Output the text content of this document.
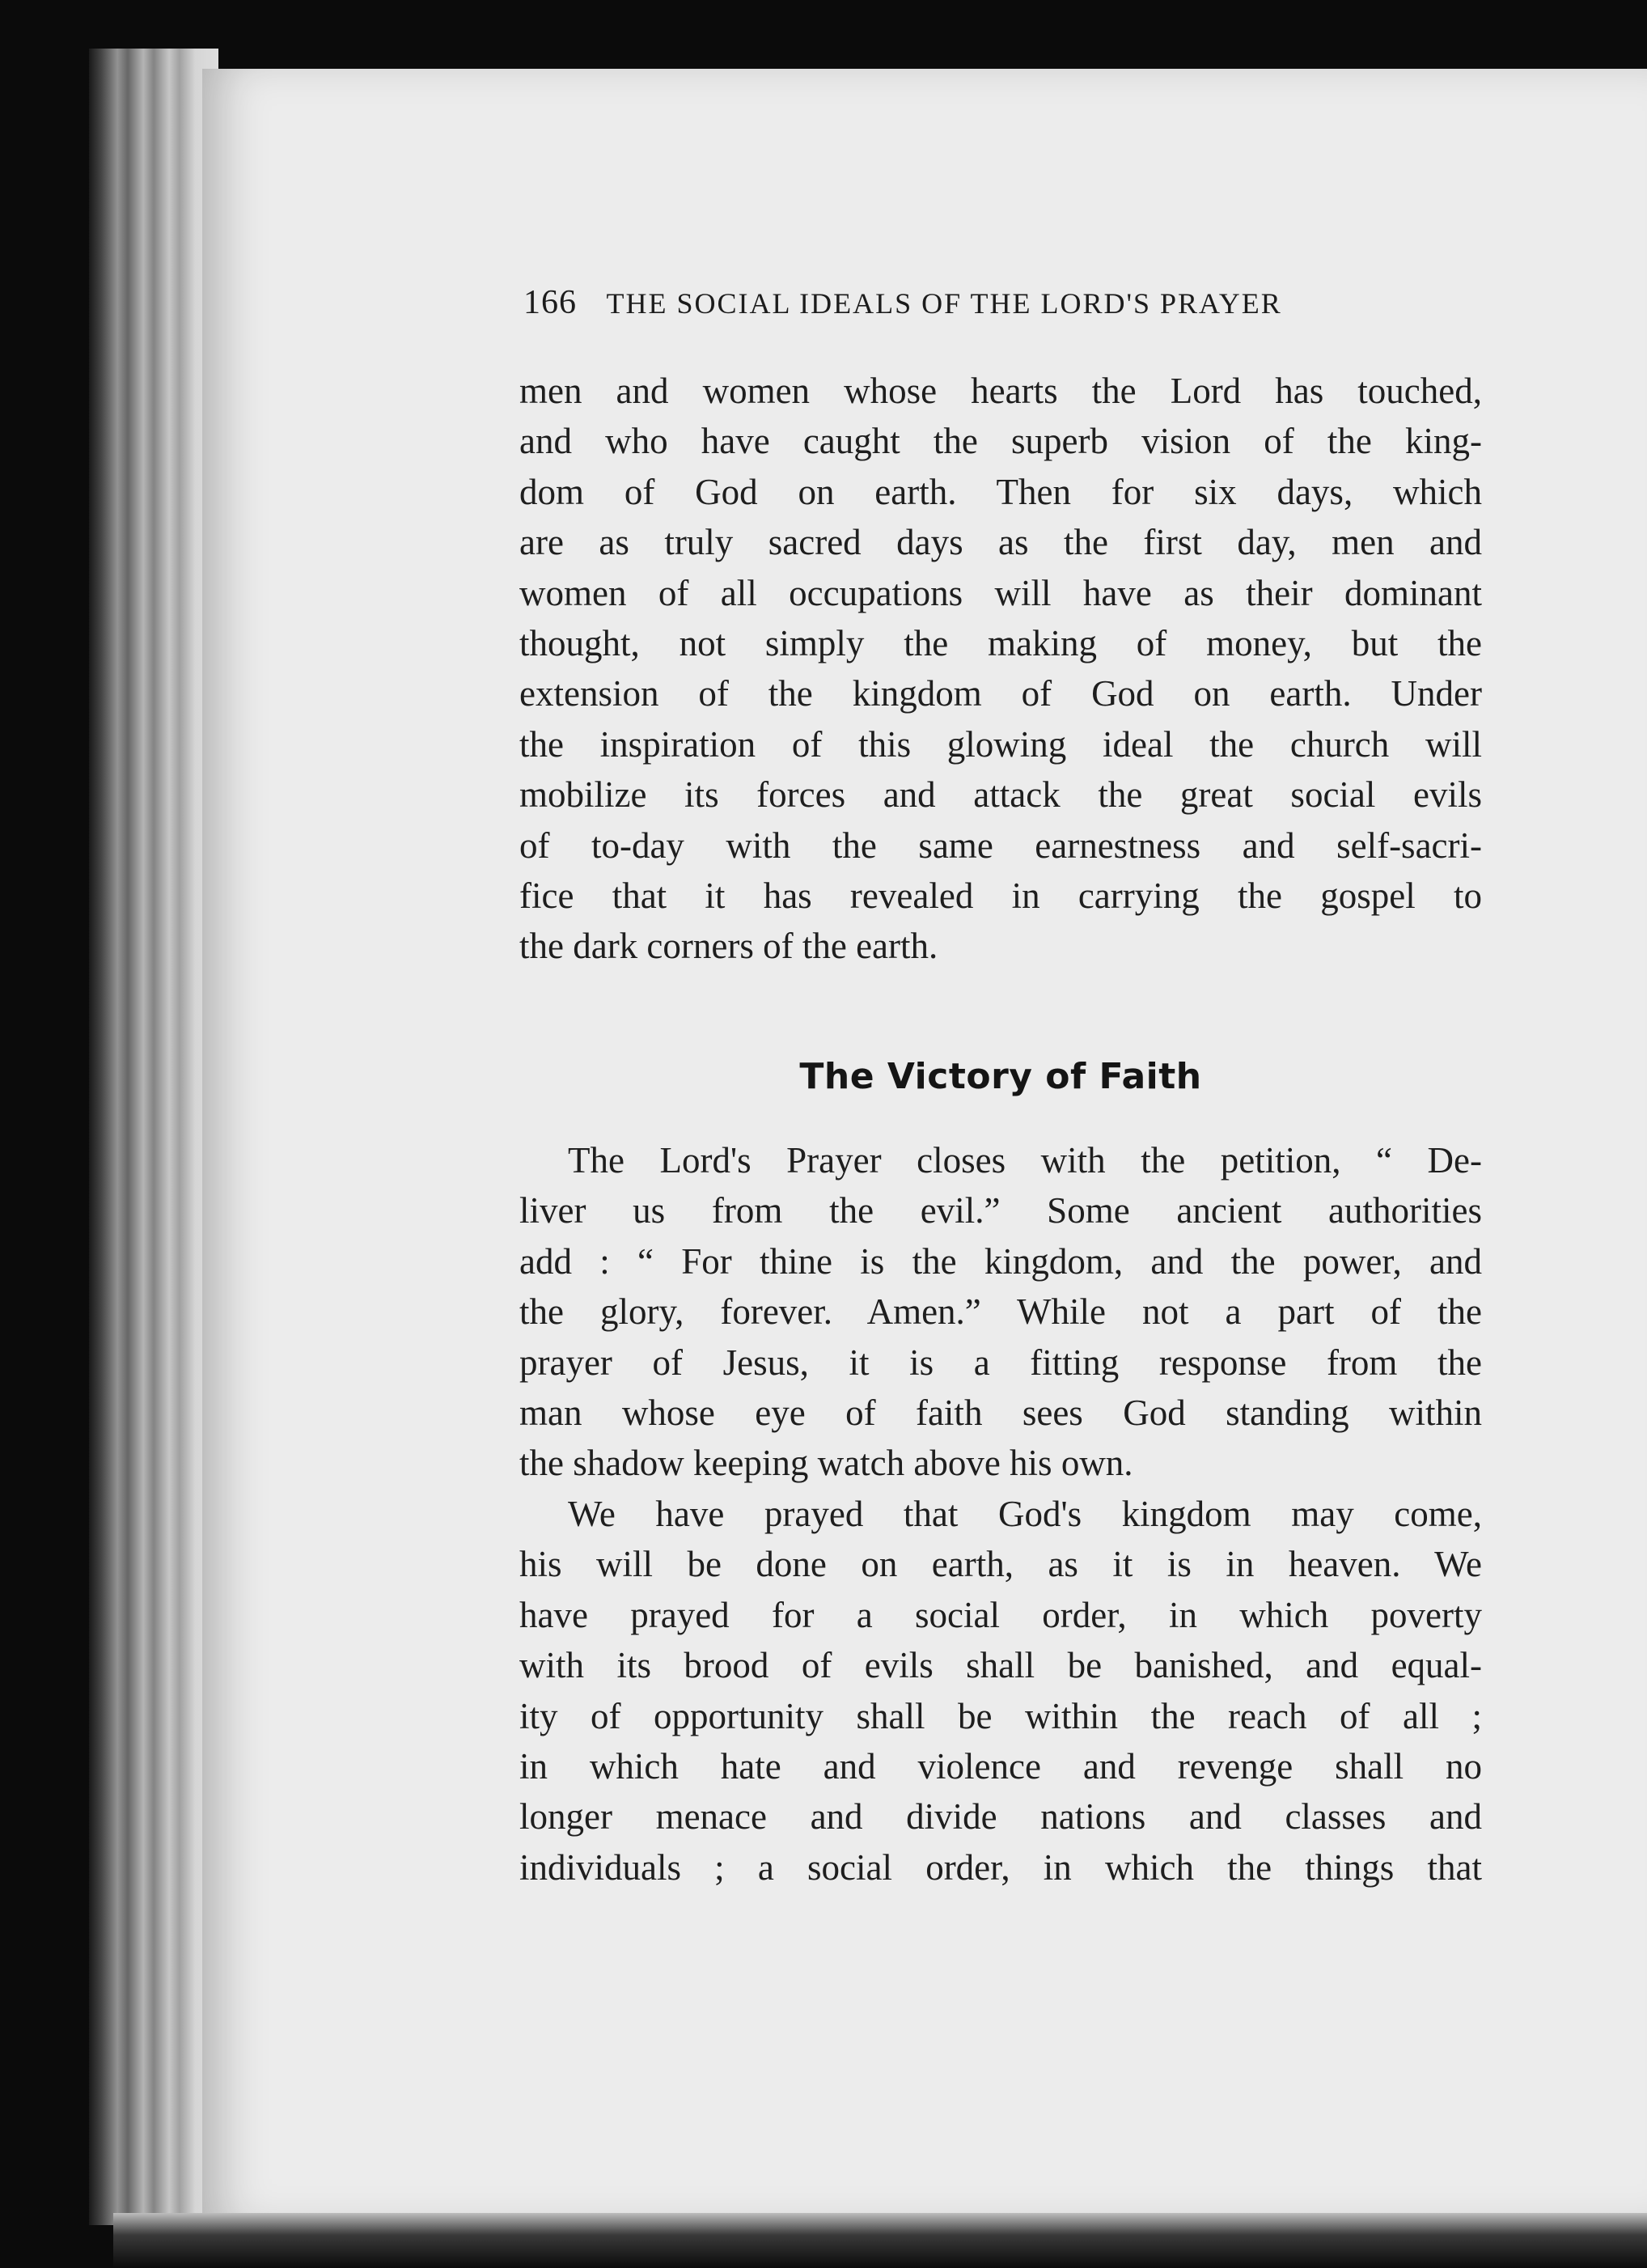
166 THE SOCIAL IDEALS OF THE LORD'S PRAYER
men and women whose hearts the Lord has touched,
and who have caught the superb vision of the king-
dom of God on earth. Then for six days, which
are as truly sacred days as the first day, men and
women of all occupations will have as their dominant
thought, not simply the making of money, but the
extension of the kingdom of God on earth. Under
the inspiration of this glowing ideal the church will
mobilize its forces and attack the great social evils
of to-day with the same earnestness and self-sacri-
fice that it has revealed in carrying the gospel to
the dark corners of the earth.
The Victory of Faith
The Lord's Prayer closes with the petition, “ De-
liver us from the evil.” Some ancient authorities
add : “ For thine is the kingdom, and the power, and
the glory, forever. Amen.” While not a part of the
prayer of Jesus, it is a fitting response from the
man whose eye of faith sees God standing within
the shadow keeping watch above his own.
We have prayed that God's kingdom may come,
his will be done on earth, as it is in heaven. We
have prayed for a social order, in which poverty
with its brood of evils shall be banished, and equal-
ity of opportunity shall be within the reach of all ;
in which hate and violence and revenge shall no
longer menace and divide nations and classes and
individuals ; a social order, in which the things that
